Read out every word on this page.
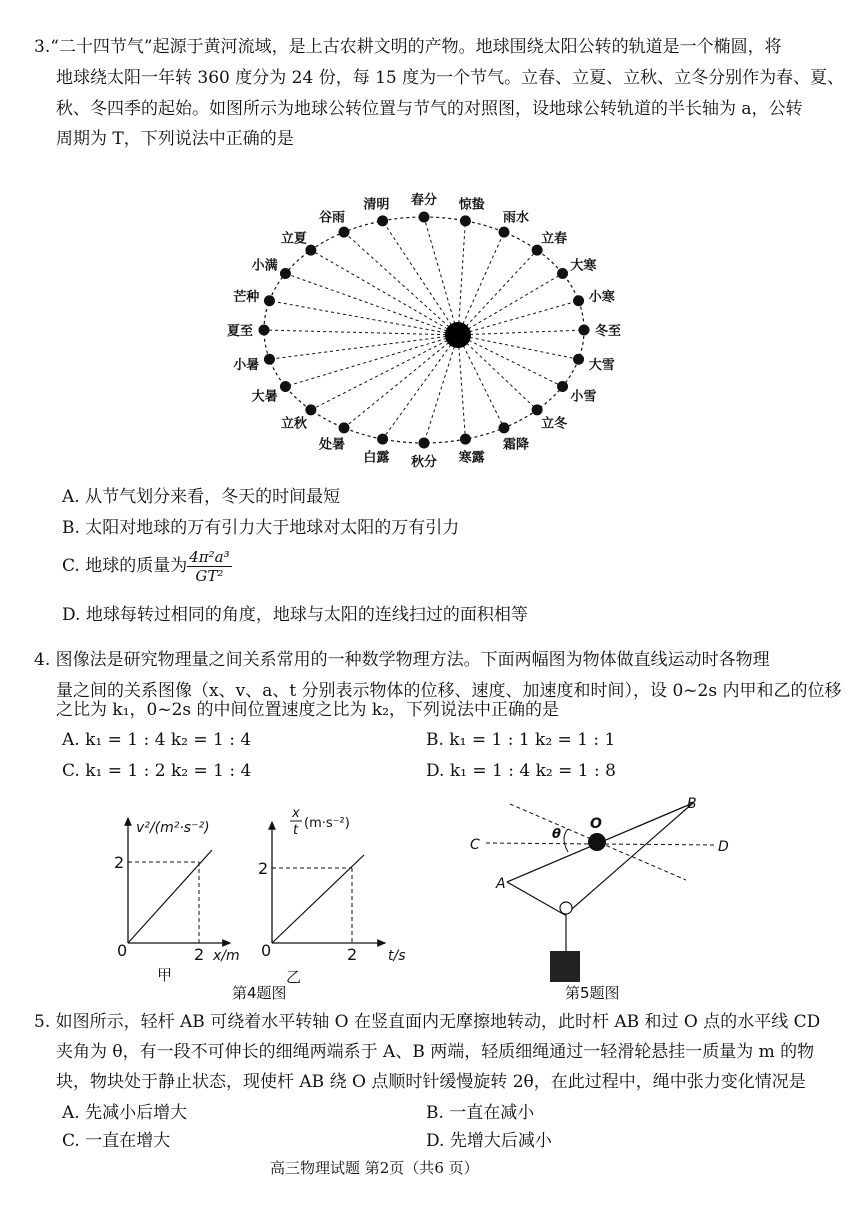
3.“二十四节气”起源于黄河流域，是上古农耕文明的产物。地球围绕太阳公转的轨道是一个椭圆，将
地球绕太阳一年转 360 度分为 24 份，每 15 度为一个节气。立春、立夏、立秋、立冬分别作为春、夏、
秋、冬四季的起始。如图所示为地球公转位置与节气的对照图，设地球公转轨道的半长轴为 a，公转
周期为 T，下列说法中正确的是
冬至
小寒
大寒
立春
雨水
惊蛰
春分
清明
谷雨
立夏
小满
芒种
夏至
小暑
大暑
立秋
处暑
白露 秋分 寒露
霜降
立冬
小雪
大雪
A. 从节气划分来看，冬天的时间最短
B. 太阳对地球的万有引力大于地球对太阳的万有引力
C. 地球的质量为 $\frac{\text{4π²a³}}{\text{GT²}}$
D. 地球每转过相同的角度，地球与太阳的连线扫过的面积相等
4. 图像法是研究物理量之间关系常用的一种数学物理方法。下面两幅图为物体做直线运动时各物理
量之间的关系图像（x、v、a、t 分别表示物体的位移、速度、加速度和时间），设 0~2s 内甲和乙的位移
之比为 k₁，0~2s 的中间位置速度之比为 k₂，下列说法中正确的是
A. k₁ = 1 : 4 k₂ = 1 : 4	B. k₁ = 1 : 1 k₂ = 1 : 1
C. k₁ = 1 : 2 k₂ = 1 : 4	D. k₁ = 1 : 4 k₂ = 1 : 8
v²/(m²·s⁻²)
2
0	2 x/m
甲
x
t (m·s⁻²)
2
0	2 t/s
乙
第4题图
θ
O
B
C	D
A
第5题图
5. 如图所示，轻杆 AB 可绕着水平转轴 O 在竖直面内无摩擦地转动，此时杆 AB 和过 O 点的水平线 CD
夹角为 θ，有一段不可伸长的细绳两端系于 A、B 两端，轻质细绳通过一轻滑轮悬挂一质量为 m 的物
块，物块处于静止状态，现使杆 AB 绕 O 点顺时针缓慢旋转 2θ，在此过程中，绳中张力变化情况是
A. 先减小后增大	B. 一直在减小
C. 一直在增大	D. 先增大后减小
高三物理试题 第2页（共6 页）
